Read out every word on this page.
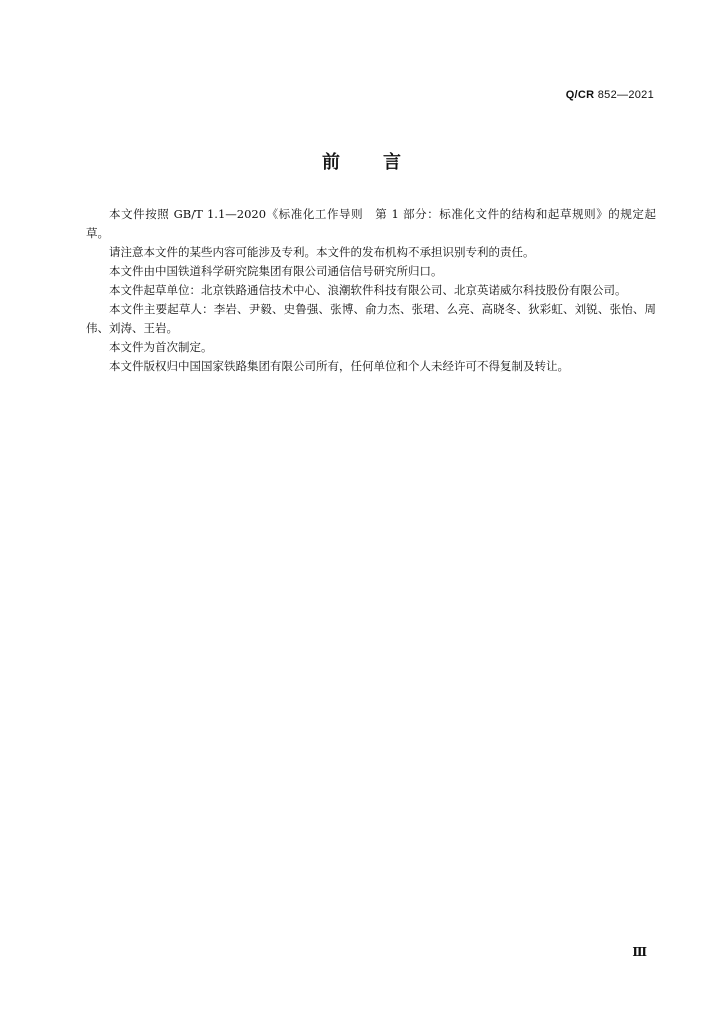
Q/CR 852—2021
前 言

本文件按照 GB/T 1.1—2020《标准化工作导则　第 1 部分：标准化文件的结构和起草规则》的规定起草。

请注意本文件的某些内容可能涉及专利。本文件的发布机构不承担识别专利的责任。

本文件由中国铁道科学研究院集团有限公司通信信号研究所归口。

本文件起草单位：北京铁路通信技术中心、浪潮软件科技有限公司、北京英诺威尔科技股份有限公司。

本文件主要起草人：李岩、尹毅、史鲁强、张博、俞力杰、张珺、么亮、高晓冬、狄彩虹、刘锐、张怡、周伟、刘涛、王岩。

本文件为首次制定。

本文件版权归中国国家铁路集团有限公司所有，任何单位和个人未经许可不得复制及转让。

Ⅲ
